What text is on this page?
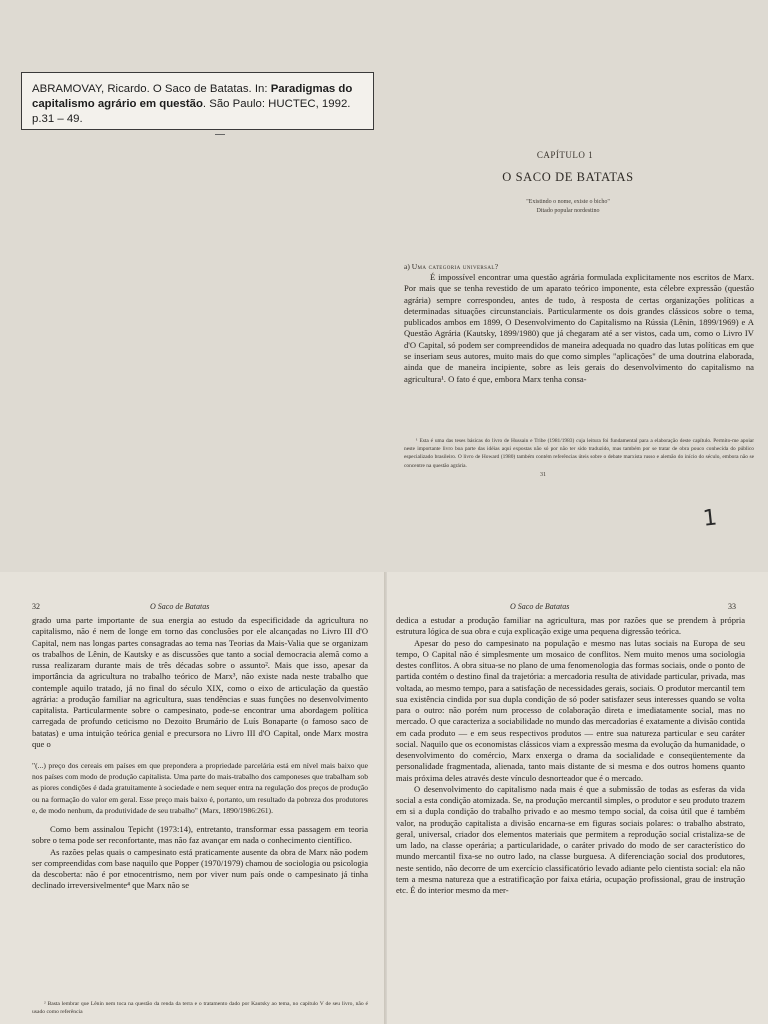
ABRAMOVAY, Ricardo. O Saco de Batatas. In: Paradigmas do capitalismo agrário em questão. São Paulo: HUCTEC, 1992. p.31 – 49.
CAPÍTULO 1
O SACO DE BATATAS
"Existindo o nome, existe o bicho"
Ditado popular nordestino
a) Uma categoria universal?

É impossível encontrar uma questão agrária formulada explicitamente nos escritos de Marx. Por mais que se tenha revestido de um aparato teórico imponente, esta célebre expressão (questão agrária) sempre correspondeu, antes de tudo, à resposta de certas organizações políticas a determinadas situações circunstanciais. Particularmente os dois grandes clássicos sobre o tema, publicados ambos em 1899, O Desenvolvimento do Capitalismo na Rússia (Lênin, 1899/1969) e A Questão Agrária (Kautsky, 1899/1980) que já chegaram até a ser vistos, cada um, como o Livro IV d'O Capital, só podem ser compreendidos de maneira adequada no quadro das lutas políticas em que se inseriam seus autores, muito mais do que como simples "aplicações" de uma doutrina elaborada, ainda que de maneira incipiente, sobre as leis gerais do desenvolvimento do capitalismo na agricultura¹. O fato é que, embora Marx tenha consa-

¹ Esta é uma das teses básicas do livro de Hussain e Tribe (1981/1983) cuja leitura foi fundamental para a elaboração deste capítulo. Permito-me apoiar neste importante livro boa parte das idéias aqui expostas não só por não ter sido traduzido, mas também por se tratar de obra pouco conhecida do público especializado brasileiro. O livro de Howard (1980) também contém referências úteis sobre o debate marxista russo e alemão do início do século, embora não se concentre na questão agrária.

31
1
32	O Saco de Batatas	O Saco de Batatas	33

grado uma parte importante de sua energia ao estudo da especificidade da agricultura no capitalismo, não é nem de longe em torno das conclusões por ele alcançadas no Livro III d'O Capital, nem nas longas partes consagradas ao tema nas Teorias da Mais-Valia que se organizam os trabalhos de Lênin, de Kautsky e as discussões que tanto a social democracia alemã como a russa realizaram durante mais de três décadas sobre o assunto². Mais que isso, apesar da importância da agricultura no trabalho teórico de Marx³, não existe nada neste trabalho que contemple aquilo tratado, já no final do século XIX, como o eixo de articulação da questão agrária: a produção familiar na agricultura, suas tendências e suas funções no desenvolvimento capitalista. Particularmente sobre o campesinato, pode-se encontrar uma abordagem política carregada de profundo ceticismo no Dezoito Brumário de Luís Bonaparte (o famoso saco de batatas) e uma intuição teórica genial e precursora no Livro III d'O Capital, onde Marx mostra que o

"(...) preço dos cereais em países em que prepondera a propriedade parcelária está em nível mais baixo que nos países com modo de produção capitalista. Uma parte do mais-trabalho dos camponeses que trabalham sob as piores condições é dada gratuitamente à sociedade e nem sequer entra na regulação dos preços de produção ou na formação do valor em geral. Esse preço mais baixo é, portanto, um resultado da pobreza dos produtores e, de modo nenhum, da produtividade de seu trabalho" (Marx, 1890/1986:261).

Como bem assinalou Tepicht (1973:14), entretanto, transformar essa passagem em teoria sobre o tema pode ser reconfortante, mas não faz avançar em nada o conhecimento científico.

As razões pelas quais o campesinato está praticamente ausente da obra de Marx não podem ser compreendidas com base naquilo que Popper (1970/1979) chamou de sociologia ou psicologia da descoberta: não é por etnocentrismo, nem por viver num país onde o campesinato já tinha declinado irreversivelmente⁴ que Marx não se

² Basta lembrar que Lênin nem toca na questão da renda da terra e o tratamento dado por Kautsky ao tema, no capítulo V de seu livro, não é usado como referência

dedica a estudar a produção familiar na agricultura, mas por razões que se prendem à própria estrutura lógica de sua obra e cuja explicação exige uma pequena digressão teórica.

Apesar do peso do campesinato na população e mesmo nas lutas sociais na Europa de seu tempo, O Capital não é simplesmente um mosaico de conflitos. Nem muito menos uma sociologia destes conflitos. A obra situa-se no plano de uma fenomenologia das formas sociais, onde o ponto de partida contém o destino final da trajetória: a mercadoria resulta de atividade particular, privada, mas voltada, ao mesmo tempo, para a satisfação de necessidades gerais, sociais. O produtor mercantil tem sua existência cindida por sua dupla condição de só poder satisfazer seus interesses quando se volta para o outro: não porém num processo de colaboração direta e imediatamente social, mas no mercado. O que caracteriza a sociabilidade no mundo das mercadorias é exatamente a divisão contida em cada produto — e em seus respectivos produtos — entre sua natureza particular e seu caráter social. Naquilo que os economistas clássicos viam a expressão mesma da evolução da humanidade, o desenvolvimento do comércio, Marx enxerga o drama da socialidade e conseqüentemente da personalidade fragmentada, alienada, tanto mais distante de si mesma e dos outros homens quanto mais próxima deles através deste vínculo desnorteador que é o mercado.

O desenvolvimento do capitalismo nada mais é que a submissão de todas as esferas da vida social a esta condição atomizada. Se, na produção mercantil simples, o produtor e seu produto trazem em si a dupla condição do trabalho privado e ao mesmo tempo social, da coisa útil que é também valor, na produção capitalista a divisão encarna-se em figuras sociais polares: o trabalho abstrato, geral, universal, criador dos elementos materiais que permitem a reprodução social cristaliza-se de um lado, na classe operária; a particularidade, o caráter privado do modo de ser característico do mundo mercantil fixa-se no outro lado, na classe burguesa. A diferenciação social dos produtores, neste sentido, não decorre de um exercício classificatório levado adiante pelo cientista social: ela não tem a mesma natureza que a estratificação por faixa etária, ocupação profissional, grau de instrução etc. É do interior mesmo da mer-
